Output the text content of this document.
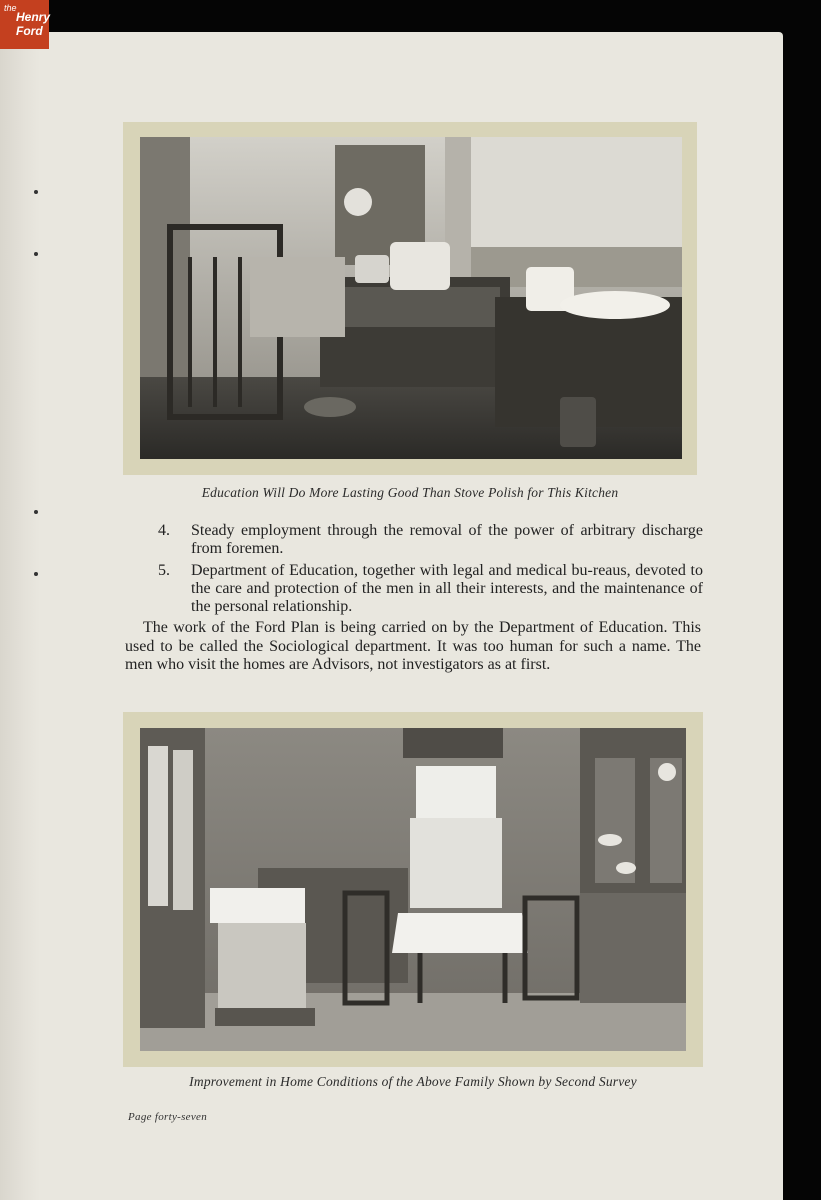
the
Henry
Ford
Education Will Do More Lasting Good Than Stove Polish for This Kitchen
4. Steady employment through the removal of the power of arbitrary discharge from foremen.
5. Department of Education, together with legal and medical bu-reaus, devoted to the care and protection of the men in all their interests, and the maintenance of the personal relationship.
The work of the Ford Plan is being carried on by the Department of Education. This used to be called the Sociological department. It was too human for such a name. The men who visit the homes are Advisors, not investigators as at first.
Improvement in Home Conditions of the Above Family Shown by Second Survey
Page forty-seven
